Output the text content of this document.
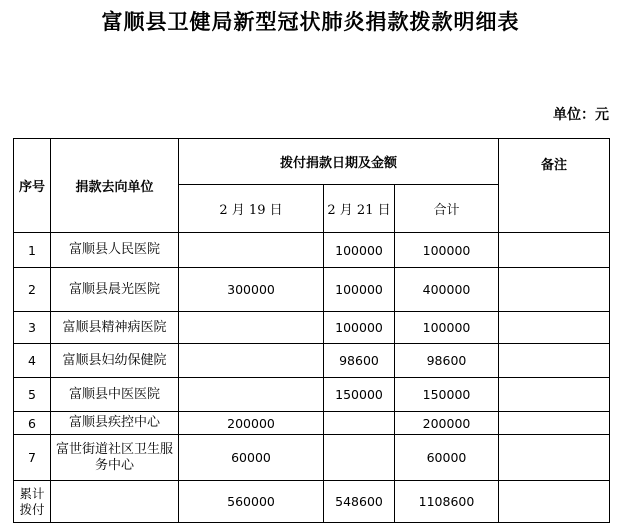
富顺县卫健局新型冠状肺炎捐款拨款明细表
单位：元
序号	捐款去向单位	拨付捐款日期及金额			备注
		2 月 19 日	2 月 21 日	合计	
1	富顺县人民医院		100000	100000	
2	富顺县晨光医院	300000	100000	400000	
3	富顺县精神病医院		100000	100000	
4	富顺县妇幼保健院		98600	98600	
5	富顺县中医医院		150000	150000	
6	富顺县疾控中心	200000		200000	
7	富世街道社区卫生服务中心	60000		60000	
累计拨付		560000	548600	1108600	
